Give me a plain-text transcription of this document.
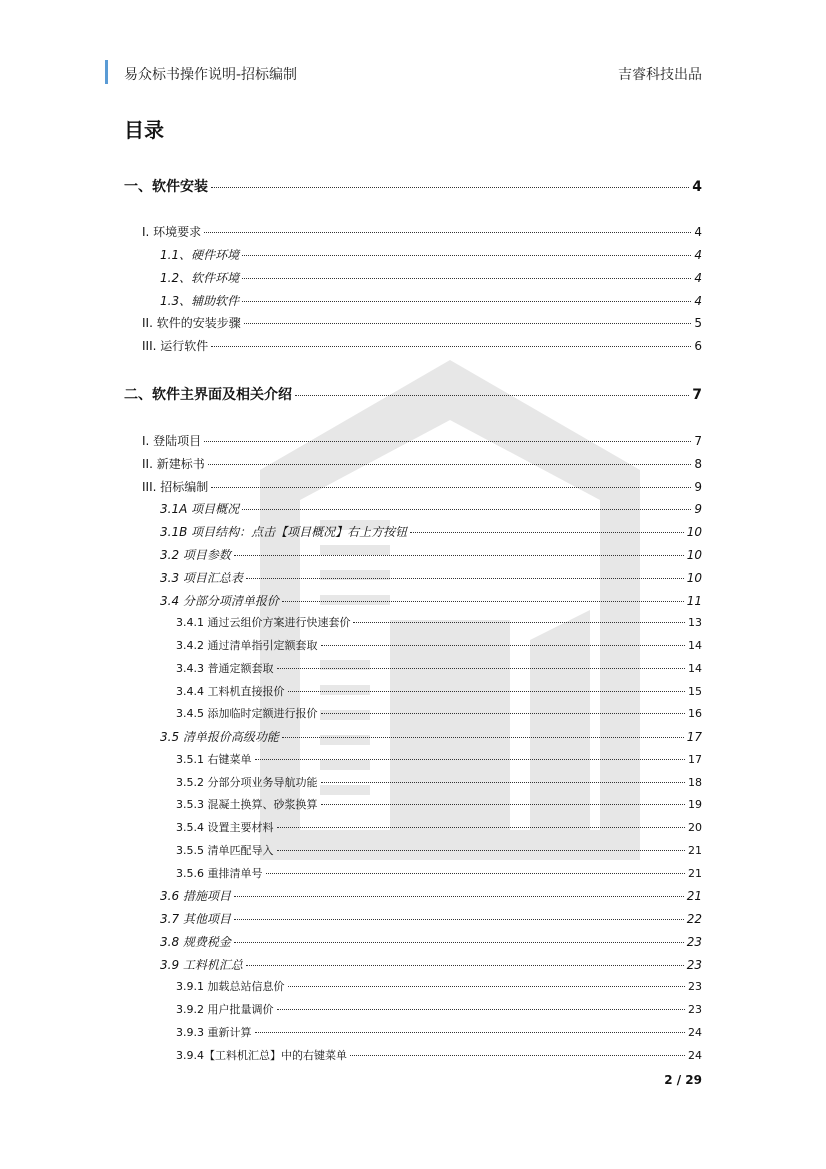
易众标书操作说明-招标编制	吉睿科技出品
目录
一、软件安装	4
I. 环境要求	4
1.1、硬件环境	4
1.2、软件环境	4
1.3、辅助软件	4
II. 软件的安装步骤	5
III. 运行软件	6
二、软件主界面及相关介绍	7
I. 登陆项目	7
II. 新建标书	8
III. 招标编制	9
3.1A 项目概况	9
3.1B 项目结构：点击【项目概况】右上方按钮	10
3.2 项目参数	10
3.3 项目汇总表	10
3.4 分部分项清单报价	11
3.4.1 通过云组价方案进行快速套价	13
3.4.2 通过清单指引定额套取	14
3.4.3 普通定额套取	14
3.4.4 工料机直接报价	15
3.4.5 添加临时定额进行报价	16
3.5 清单报价高级功能	17
3.5.1 右键菜单	17
3.5.2 分部分项业务导航功能	18
3.5.3 混凝土换算、砂浆换算	19
3.5.4 设置主要材料	20
3.5.5 清单匹配导入	21
3.5.6 重排清单号	21
3.6 措施项目	21
3.7 其他项目	22
3.8 规费税金	23
3.9 工料机汇总	23
3.9.1 加载总站信息价	23
3.9.2 用户批量调价	23
3.9.3 重新计算	24
3.9.4【工料机汇总】中的右键菜单	24
2 / 29
